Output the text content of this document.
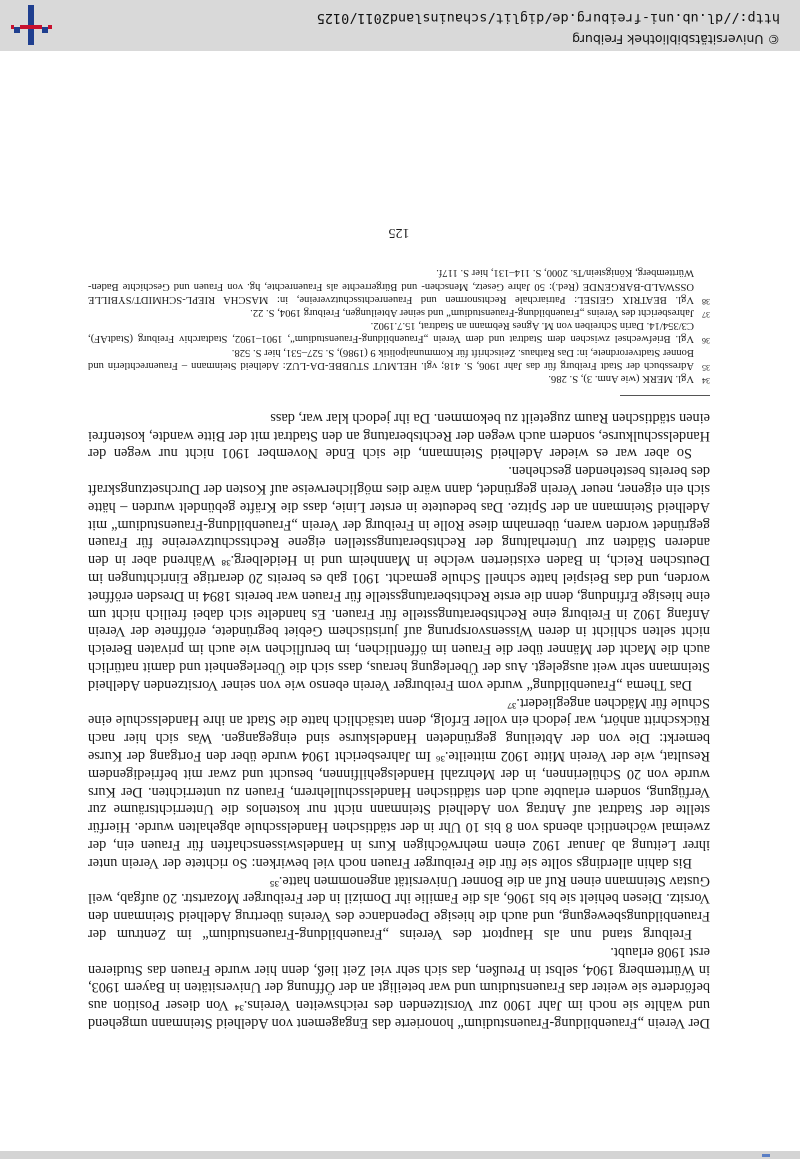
Der Verein „Frauenbildung-Frauenstudium“ honorierte das Engagement von Adelheid Steinmann umgehend und wählte sie noch im Jahr 1900 zur Vorsitzenden des reichsweiten Vereins.³⁴ Von dieser Position aus beförderte sie weiter das Frauenstudium und war beteiligt an der Öffnung der Universitäten in Bayern 1903, in Württemberg 1904, selbst in Preußen, das sich sehr viel Zeit ließ, denn hier wurde Frauen das Studieren erst 1908 erlaubt.

Freiburg stand nun als Hauptort des Vereins „Frauenbildung-Frauenstudium“ im Zentrum der Frauenbildungsbewegung, und auch die hiesige Dependance des Vereins übertrug Adelheid Steinmann den Vorsitz. Diesen behielt sie bis 1906, als die Familie ihr Domizil in der Freiburger Mozartstr. 20 aufgab, weil Gustav Steinmann einen Ruf an die Bonner Universität angenommen hatte.³⁵

Bis dahin allerdings sollte sie für die Freiburger Frauen noch viel bewirken: So richtete der Verein unter ihrer Leitung ab Januar 1902 einen mehrwöchigen Kurs in Handelswissenschaften für Frauen ein, der zweimal wöchentlich abends von 8 bis 10 Uhr in der städtischen Handelsschule abgehalten wurde. Hierfür stellte der Stadtrat auf Antrag von Adelheid Steinmann nicht nur kostenlos die Unterrichtsräume zur Verfügung, sondern erlaubte auch den städtischen Handelsschullehrern, Frauen zu unterrichten. Der Kurs wurde von 20 Schülerinnen, in der Mehrzahl Handelsgehilfinnen, besucht und zwar mit befriedigendem Resultat, wie der Verein Mitte 1902 mitteilte.³⁶ Im Jahresbericht 1904 wurde über den Fortgang der Kurse bemerkt: Die von der Abteilung gegründeten Handelskurse sind eingegangen. Was sich hier nach Rückschritt anhört, war jedoch ein voller Erfolg, denn tatsächlich hatte die Stadt an ihre Handelsschule eine Schule für Mädchen angegliedert.³⁷

Das Thema „Frauenbildung“ wurde vom Freiburger Verein ebenso wie von seiner Vorsitzenden Adelheid Steinmann sehr weit ausgelegt. Aus der Überlegung heraus, dass sich die Überlegenheit und damit natürlich auch die Macht der Männer über die Frauen im öffentlichen, im beruflichen wie auch im privaten Bereich nicht selten schlicht in deren Wissensvorsprung auf juristischem Gebiet begründete, eröffnete der Verein Anfang 1902 in Freiburg eine Rechtsberatungsstelle für Frauen. Es handelte sich dabei freilich nicht um eine hiesige Erfindung, denn die erste Rechtsberatungsstelle für Frauen war bereits 1894 in Dresden eröffnet worden, und das Beispiel hatte schnell Schule gemacht. 1901 gab es bereits 20 derartige Einrichtungen im Deutschen Reich, in Baden existierten welche in Mannheim und in Heidelberg.³⁸ Während aber in den anderen Städten zur Unterhaltung der Rechtsberatungsstellen eigene Rechtsschutzvereine für Frauen gegründet worden waren, übernahm diese Rolle in Freiburg der Verein „Frauenbildung-Frauenstudium“ mit Adelheid Steinmann an der Spitze. Das bedeutete in erster Linie, dass die Kräfte gebündelt wurden – hätte sich ein eigener, neuer Verein gegründet, dann wäre dies möglicherweise auf Kosten der Durchsetzungskraft des bereits bestehenden geschehen.

So aber war es wieder Adelheid Steinmann, die sich Ende November 1901 nicht nur wegen der Handelsschulkurse, sondern auch wegen der Rechtsberatung an den Stadtrat mit der Bitte wandte, kostenfrei einen städtischen Raum zugeteilt zu bekommen. Da ihr jedoch klar war, dass

34
Vgl. MERK (wie Anm. 3), S. 286.

35
Adressbuch der Stadt Freiburg für das Jahr 1906, S. 418; vgl. HELMUT STUBBE-DA-LUZ: Adelheid Steinmann – Frauenrechtlerin und Bonner Stadtverordnete, in: Das Rathaus. Zeitschrift für Kommunalpolitik 9 (1986), S. 527–531, hier S. 528.

36
Vgl. Briefwechsel zwischen dem Stadtrat und dem Verein „Frauenbildung-Frauenstudium“, 1901–1902, Stadtarchiv Freiburg (StadtAF), C3/354/14. Darin Schreiben von M. Agnes Rebmann an Stadtrat, 15.7.1902.

37
Jahresbericht des Vereins „Frauenbildung-Frauenstudium“ und seiner Abteilungen, Freiburg 1904, S. 22.

38
Vgl. BEATRIX GEISEL: Patriarchale Rechtsnormen und Frauenrechtsschutzvereine, in: MASCHA RIEPL-SCHMIDT/SYBILLE OSSWALD-BARGENDE (Red.): 50 Jahre Gesetz, Menschen- und Bürgerrechte als Frauenrechte, hg. von Frauen und Geschichte Baden-Württemberg, Königstein/Ts. 2000, S. 114–131, hier S. 117f.

125
© Universitätsbibliothek Freiburg
http://dl.ub.uni-freiburg.de/diglit/schauinsland2011/0125
